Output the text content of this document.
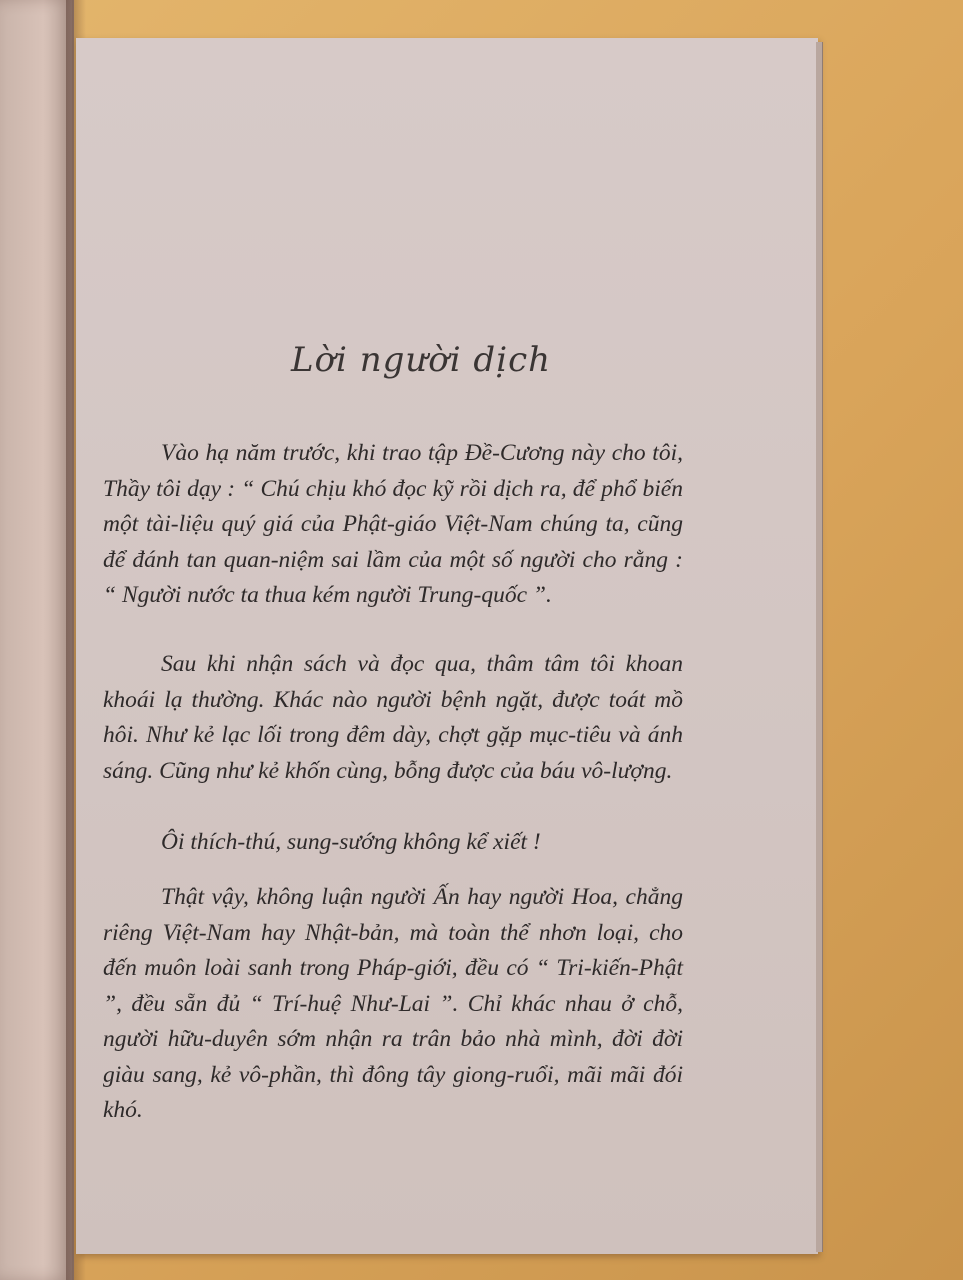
Lời người dịch

Vào hạ năm trước, khi trao tập Đề-Cương này cho tôi, Thầy tôi dạy : “ Chú chịu khó đọc kỹ rồi dịch ra, để phổ biến một tài-liệu quý giá của Phật-giáo Việt-Nam chúng ta, cũng để đánh tan quan-niệm sai lầm của một số người cho rằng : “ Người nước ta thua kém người Trung-quốc ”.

Sau khi nhận sách và đọc qua, thâm tâm tôi khoan khoái lạ thường. Khác nào người bệnh ngặt, được toát mồ hôi. Như kẻ lạc lối trong đêm dày, chợt gặp mục-tiêu và ánh sáng. Cũng như kẻ khốn cùng, bỗng được của báu vô-lượng.

Ôi thích-thú, sung-sướng không kể xiết !

Thật vậy, không luận người Ấn hay người Hoa, chẳng riêng Việt-Nam hay Nhật-bản, mà toàn thể nhơn loại, cho đến muôn loài sanh trong Pháp-giới, đều có “ Tri-kiến-Phật ”, đều sẵn đủ “ Trí-huệ Như-Lai ”. Chỉ khác nhau ở chỗ, người hữu-duyên sớm nhận ra trân bảo nhà mình, đời đời giàu sang, kẻ vô-phần, thì đông tây giong-ruổi, mãi mãi đói khó.
